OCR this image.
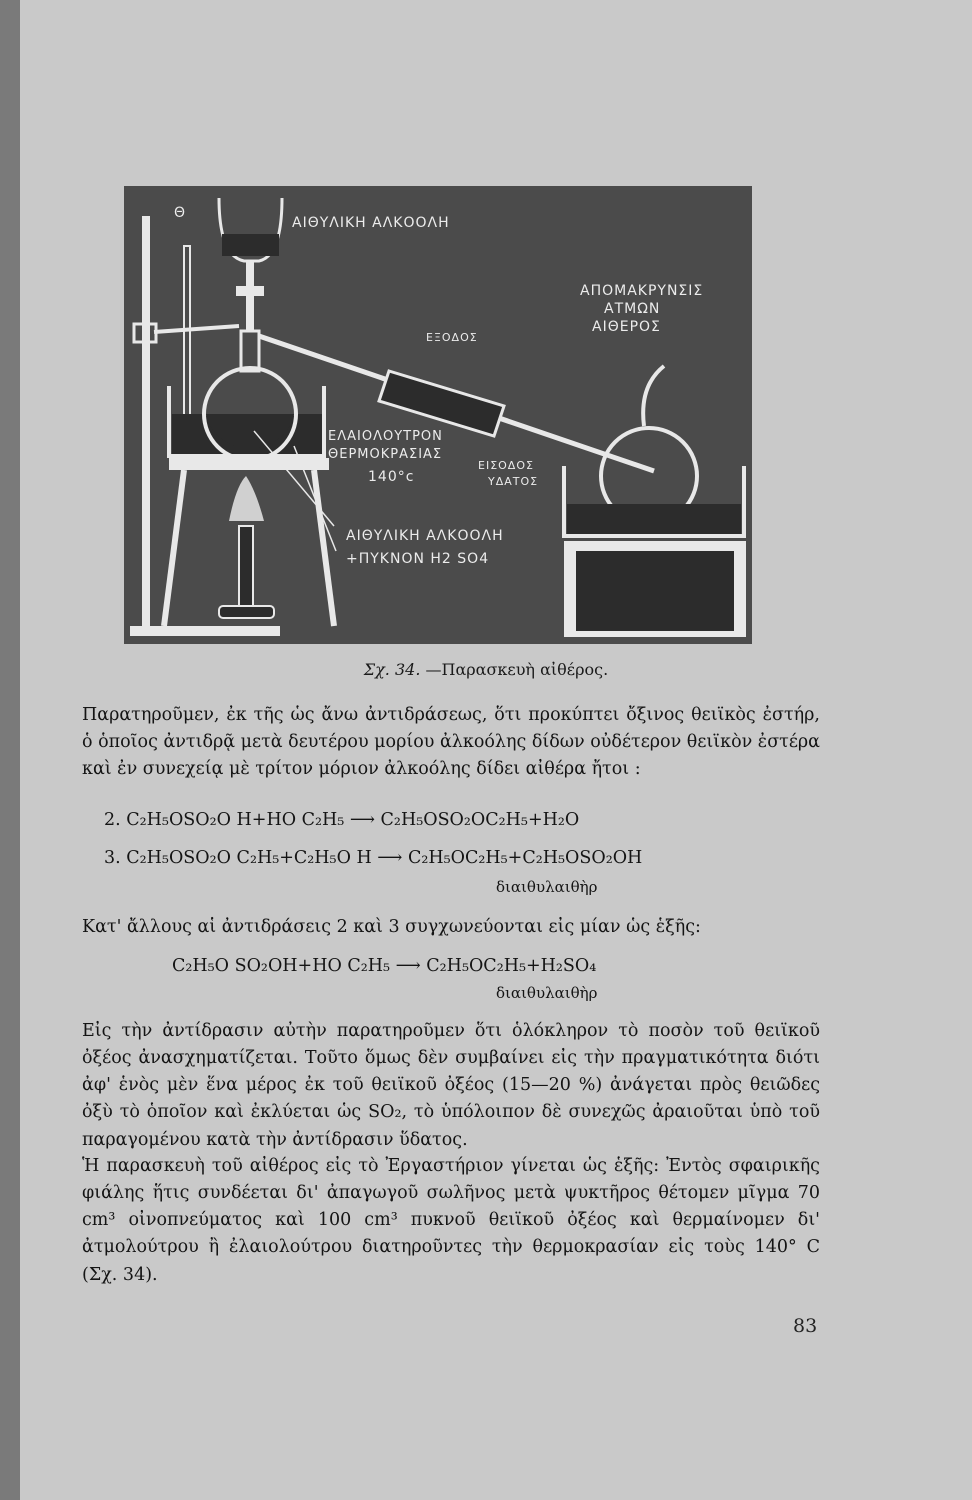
Θ
ΑΙΘΥΛΙΚΗ ΑΛΚΟΟΛΗ
ΑΠΟΜΑΚΡΥΝΣΙΣ
ΑΤΜΩΝ
ΑΙΘΕΡΟΣ
ΕΞΟΔΟΣ
ΕΛΑΙΟΛΟΥΤΡΟΝ
ΘΕΡΜΟΚΡΑΣΙΑΣ
140°c
ΕΙΣΟΔΟΣ
ΥΔΑΤΟΣ
ΑΙΘΥΛΙΚΗ ΑΛΚΟΟΛΗ
+ΠΥΚΝΟΝ H2 SO4
Σχ. 34. —Παρασκευὴ αἰθέρος.
Παρατηροῦμεν, ἐκ τῆς ὡς ἄνω ἀντιδράσεως, ὅτι προκύπτει ὄξινος θειϊκὸς ἐστήρ, ὁ ὁποῖος ἀντιδρᾷ μετὰ δευτέρου μορίου ἀλκοόλης δίδων οὐδέτερον θειϊκὸν ἐστέρα καὶ ἐν συνεχείᾳ μὲ τρίτον μόριον ἀλκοόλης δίδει αἰθέρα ἤτοι :
2. C₂H₅OSO₂O H+HO C₂H₅ ⟶ C₂H₅OSO₂OC₂H₅+H₂O
3. C₂H₅OSO₂O C₂H₅+C₂H₅O H ⟶ C₂H₅OC₂H₅+C₂H₅OSO₂OH
διαιθυλαιθὴρ
Κατ' ἄλλους αἱ ἀντιδράσεις 2 καὶ 3 συγχωνεύονται εἰς μίαν ὡς ἑξῆς:
C₂H₅O SO₂OH+HO C₂H₅ ⟶ C₂H₅OC₂H₅+H₂SO₄
διαιθυλαιθὴρ
Εἰς τὴν ἀντίδρασιν αὐτὴν παρατηροῦμεν ὅτι ὁλόκληρον τὸ ποσὸν τοῦ θειϊκοῦ ὀξέος ἀνασχηματίζεται. Τοῦτο ὅμως δὲν συμβαίνει εἰς τὴν πραγματικότητα διότι ἀφ' ἑνὸς μὲν ἕνα μέρος ἐκ τοῦ θειϊκοῦ ὀξέος (15—20 %) ἀνάγεται πρὸς θειῶδες ὀξὺ τὸ ὁποῖον καὶ ἐκλύεται ὡς SO₂, τὸ ὑπόλοιπον δὲ συνεχῶς ἀραιοῦται ὑπὸ τοῦ παραγομένου κατὰ τὴν ἀντίδρασιν ὕδατος.
Ἡ παρασκευὴ τοῦ αἰθέρος εἰς τὸ Ἐργαστήριον γίνεται ὡς ἑξῆς: Ἐντὸς σφαιρικῆς φιάλης ἥτις συνδέεται δι' ἀπαγωγοῦ σωλῆνος μετὰ ψυκτῆρος θέτομεν μῖγμα 70 cm³ οἰνοπνεύματος καὶ 100 cm³ πυκνοῦ θειϊκοῦ ὀξέος καὶ θερμαίνομεν δι' ἀτμολούτρου ἢ ἐλαιολούτρου διατηροῦντες τὴν θερμοκρασίαν εἰς τοὺς 140° C (Σχ. 34).
83
